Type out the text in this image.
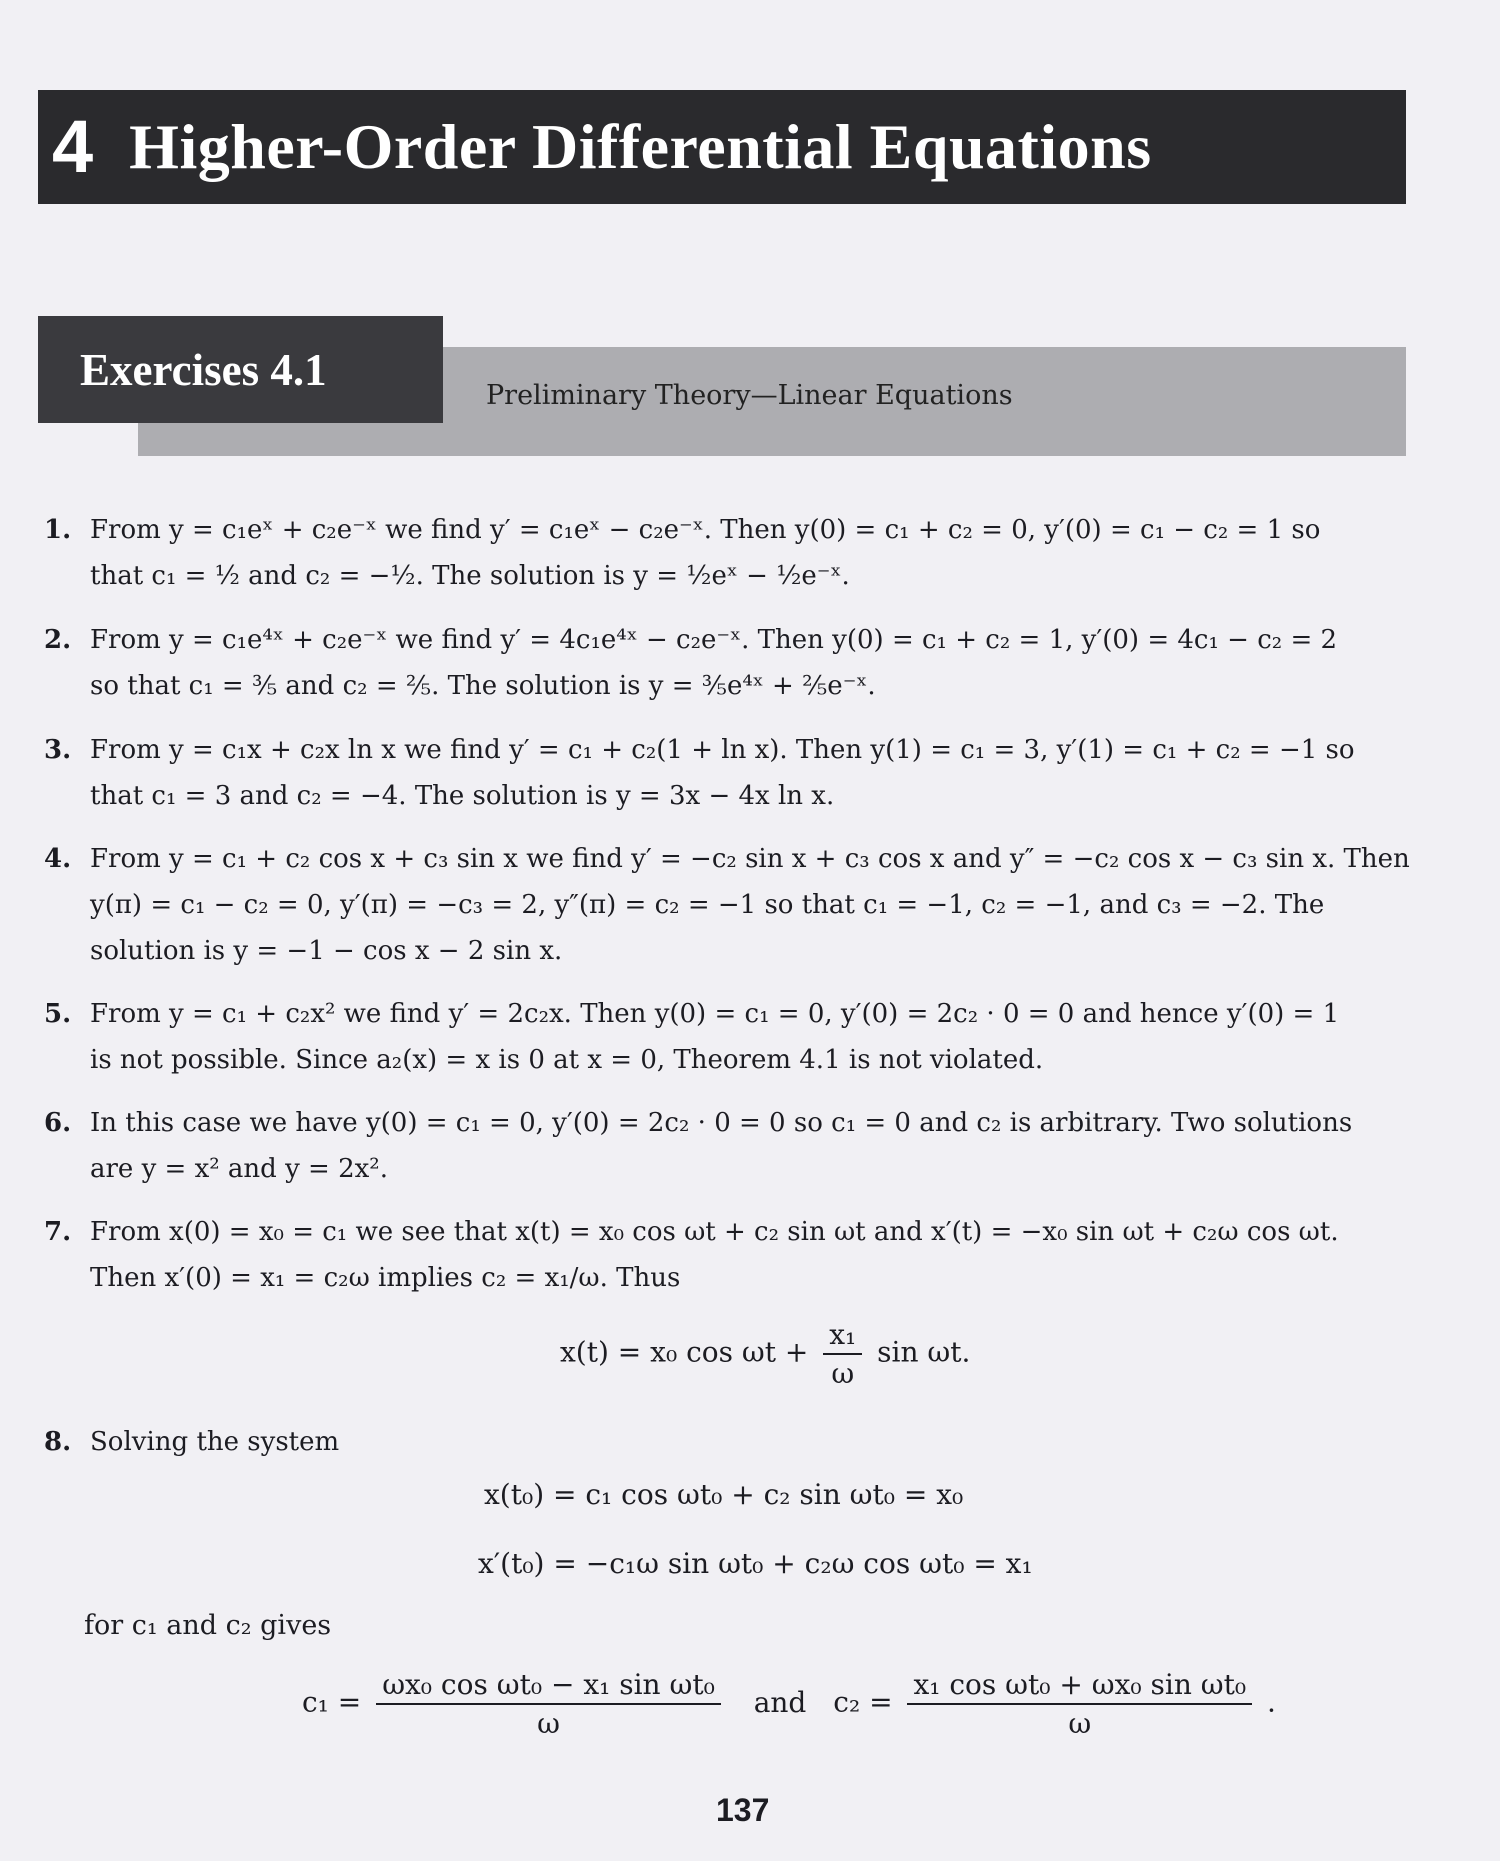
4 Higher-Order Differential Equations
Exercises 4.1
Preliminary Theory—Linear Equations
1. From y = c₁eˣ + c₂e⁻ˣ we find y′ = c₁eˣ − c₂e⁻ˣ. Then y(0) = c₁ + c₂ = 0, y′(0) = c₁ − c₂ = 1 so
that c₁ = ½ and c₂ = −½. The solution is y = ½eˣ − ½e⁻ˣ.
2. From y = c₁e⁴ˣ + c₂e⁻ˣ we find y′ = 4c₁e⁴ˣ − c₂e⁻ˣ. Then y(0) = c₁ + c₂ = 1, y′(0) = 4c₁ − c₂ = 2
so that c₁ = ⅗ and c₂ = ⅖. The solution is y = ⅗e⁴ˣ + ⅖e⁻ˣ.
3. From y = c₁x + c₂x ln x we find y′ = c₁ + c₂(1 + ln x). Then y(1) = c₁ = 3, y′(1) = c₁ + c₂ = −1 so
that c₁ = 3 and c₂ = −4. The solution is y = 3x − 4x ln x.
4. From y = c₁ + c₂ cos x + c₃ sin x we find y′ = −c₂ sin x + c₃ cos x and y″ = −c₂ cos x − c₃ sin x. Then
y(π) = c₁ − c₂ = 0, y′(π) = −c₃ = 2, y″(π) = c₂ = −1 so that c₁ = −1, c₂ = −1, and c₃ = −2. The
solution is y = −1 − cos x − 2 sin x.
5. From y = c₁ + c₂x² we find y′ = 2c₂x. Then y(0) = c₁ = 0, y′(0) = 2c₂ · 0 = 0 and hence y′(0) = 1
is not possible. Since a₂(x) = x is 0 at x = 0, Theorem 4.1 is not violated.
6. In this case we have y(0) = c₁ = 0, y′(0) = 2c₂ · 0 = 0 so c₁ = 0 and c₂ is arbitrary. Two solutions
are y = x² and y = 2x².
7. From x(0) = x₀ = c₁ we see that x(t) = x₀ cos ωt + c₂ sin ωt and x′(t) = −x₀ sin ωt + c₂ω cos ωt.
Then x′(0) = x₁ = c₂ω implies c₂ = x₁/ω. Thus
x(t) = x₀ $\cos \omega t + \frac{\text{x₁}}{\omega}$ sin ωt.
8. Solving the system
x(t₀) = c₁ cos ωt₀ + c₂ sin ωt₀ = x₀
x′(t₀) = −c₁ω sin ωt₀ + c₂ω cos ωt₀ = x₁
for c₁ and c₂ gives
$c_1 = \frac{\text{ωx₀ cos ωt₀ − x₁ sin ωt₀}}{\omega}$ and $c_2 = \frac{\text{x₁ cos ωt₀ + ωx₀ sin ωt₀}}{\omega}$ .
137
